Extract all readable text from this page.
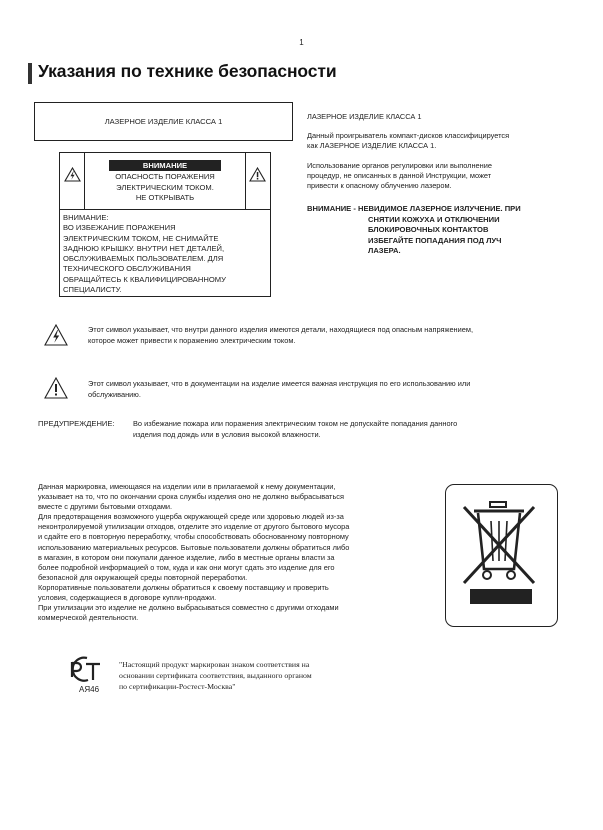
1
Указания по технике безопасности
ЛАЗЕРНОЕ ИЗДЕЛИЕ КЛАССА 1
ВНИМАНИЕ
ОПАСНОСТЬ ПОРАЖЕНИЯ
ЭЛЕКТРИЧЕСКИМ ТОКОМ.
НЕ ОТКРЫВАТЬ
ВНИМАНИЕ:
ВО ИЗБЕЖАНИЕ ПОРАЖЕНИЯ
ЭЛЕКТРИЧЕСКИМ ТОКОМ, НЕ СНИМАЙТЕ
ЗАДНЮЮ КРЫШКУ. ВНУТРИ НЕТ ДЕТАЛЕЙ,
ОБСЛУЖИВАЕМЫХ ПОЛЬЗОВАТЕЛЕМ. ДЛЯ
ТЕХНИЧЕСКОГО ОБСЛУЖИВАНИЯ
ОБРАЩАЙТЕСЬ К КВАЛИФИЦИРОВАННОМУ
СПЕЦИАЛИСТУ.
ЛАЗЕРНОЕ ИЗДЕЛИЕ КЛАССА 1
Данный проигрыватель компакт-дисков классифицируется
как ЛАЗЕРНОЕ ИЗДЕЛИЕ КЛАССА 1.
Использование органов регулировки или выполнение
процедур, не описанных в данной Инструкции, может
привести к опасному облучению лазером.
ВНИМАНИЕ - НЕВИДИМОЕ ЛАЗЕРНОЕ ИЗЛУЧЕНИЕ. ПРИ
СНЯТИИ КОЖУХА И ОТКЛЮЧЕНИИ
БЛОКИРОВОЧНЫХ КОНТАКТОВ
ИЗБЕГАЙТЕ ПОПАДАНИЯ ПОД ЛУЧ
ЛАЗЕРА.
Этот символ указывает, что внутри данного изделия имеются детали, находящиеся под опасным напряжением,
которое может привести к поражению электрическим током.
Этот символ указывает, что в документации на изделие имеется важная инструкция по его использованию или
обслуживанию.
ПРЕДУПРЕЖДЕНИЕ: Во избежание пожара или поражения электрическим током не допускайте попадания данного
изделия под дождь или в условия высокой влажности.
Данная маркировка, имеющаяся на изделии или в прилагаемой к нему документации,
указывает на то, что по окончании срока службы изделия оно не должно выбрасываться
вместе с другими бытовыми отходами.
Для предотвращения возможного ущерба окружающей среде или здоровью людей из-за
неконтролируемой утилизации отходов, отделите это изделие от другого бытового мусора
и сдайте его в повторную переработку, чтобы способствовать обоснованному повторному
использованию материальных ресурсов. Бытовые пользователи должны обратиться либо
в магазин, в котором они покупали данное изделие, либо в местные органы власти за
более подробной информацией о том, куда и как они могут сдать это изделие для его
безопасной для окружающей среды повторной переработки.
Корпоративные пользователи должны обратиться к своему поставщику и проверить
условия, содержащиеся в договоре купли-продажи.
При утилизации это изделие не должно выбрасываться совместно с другими отходами
коммерческой деятельности.
АЯ46
"Настоящий продукт маркирован знаком соответствия на
основании сертификата соответствия, выданного органом
по сертификации-Ростест-Москва"
